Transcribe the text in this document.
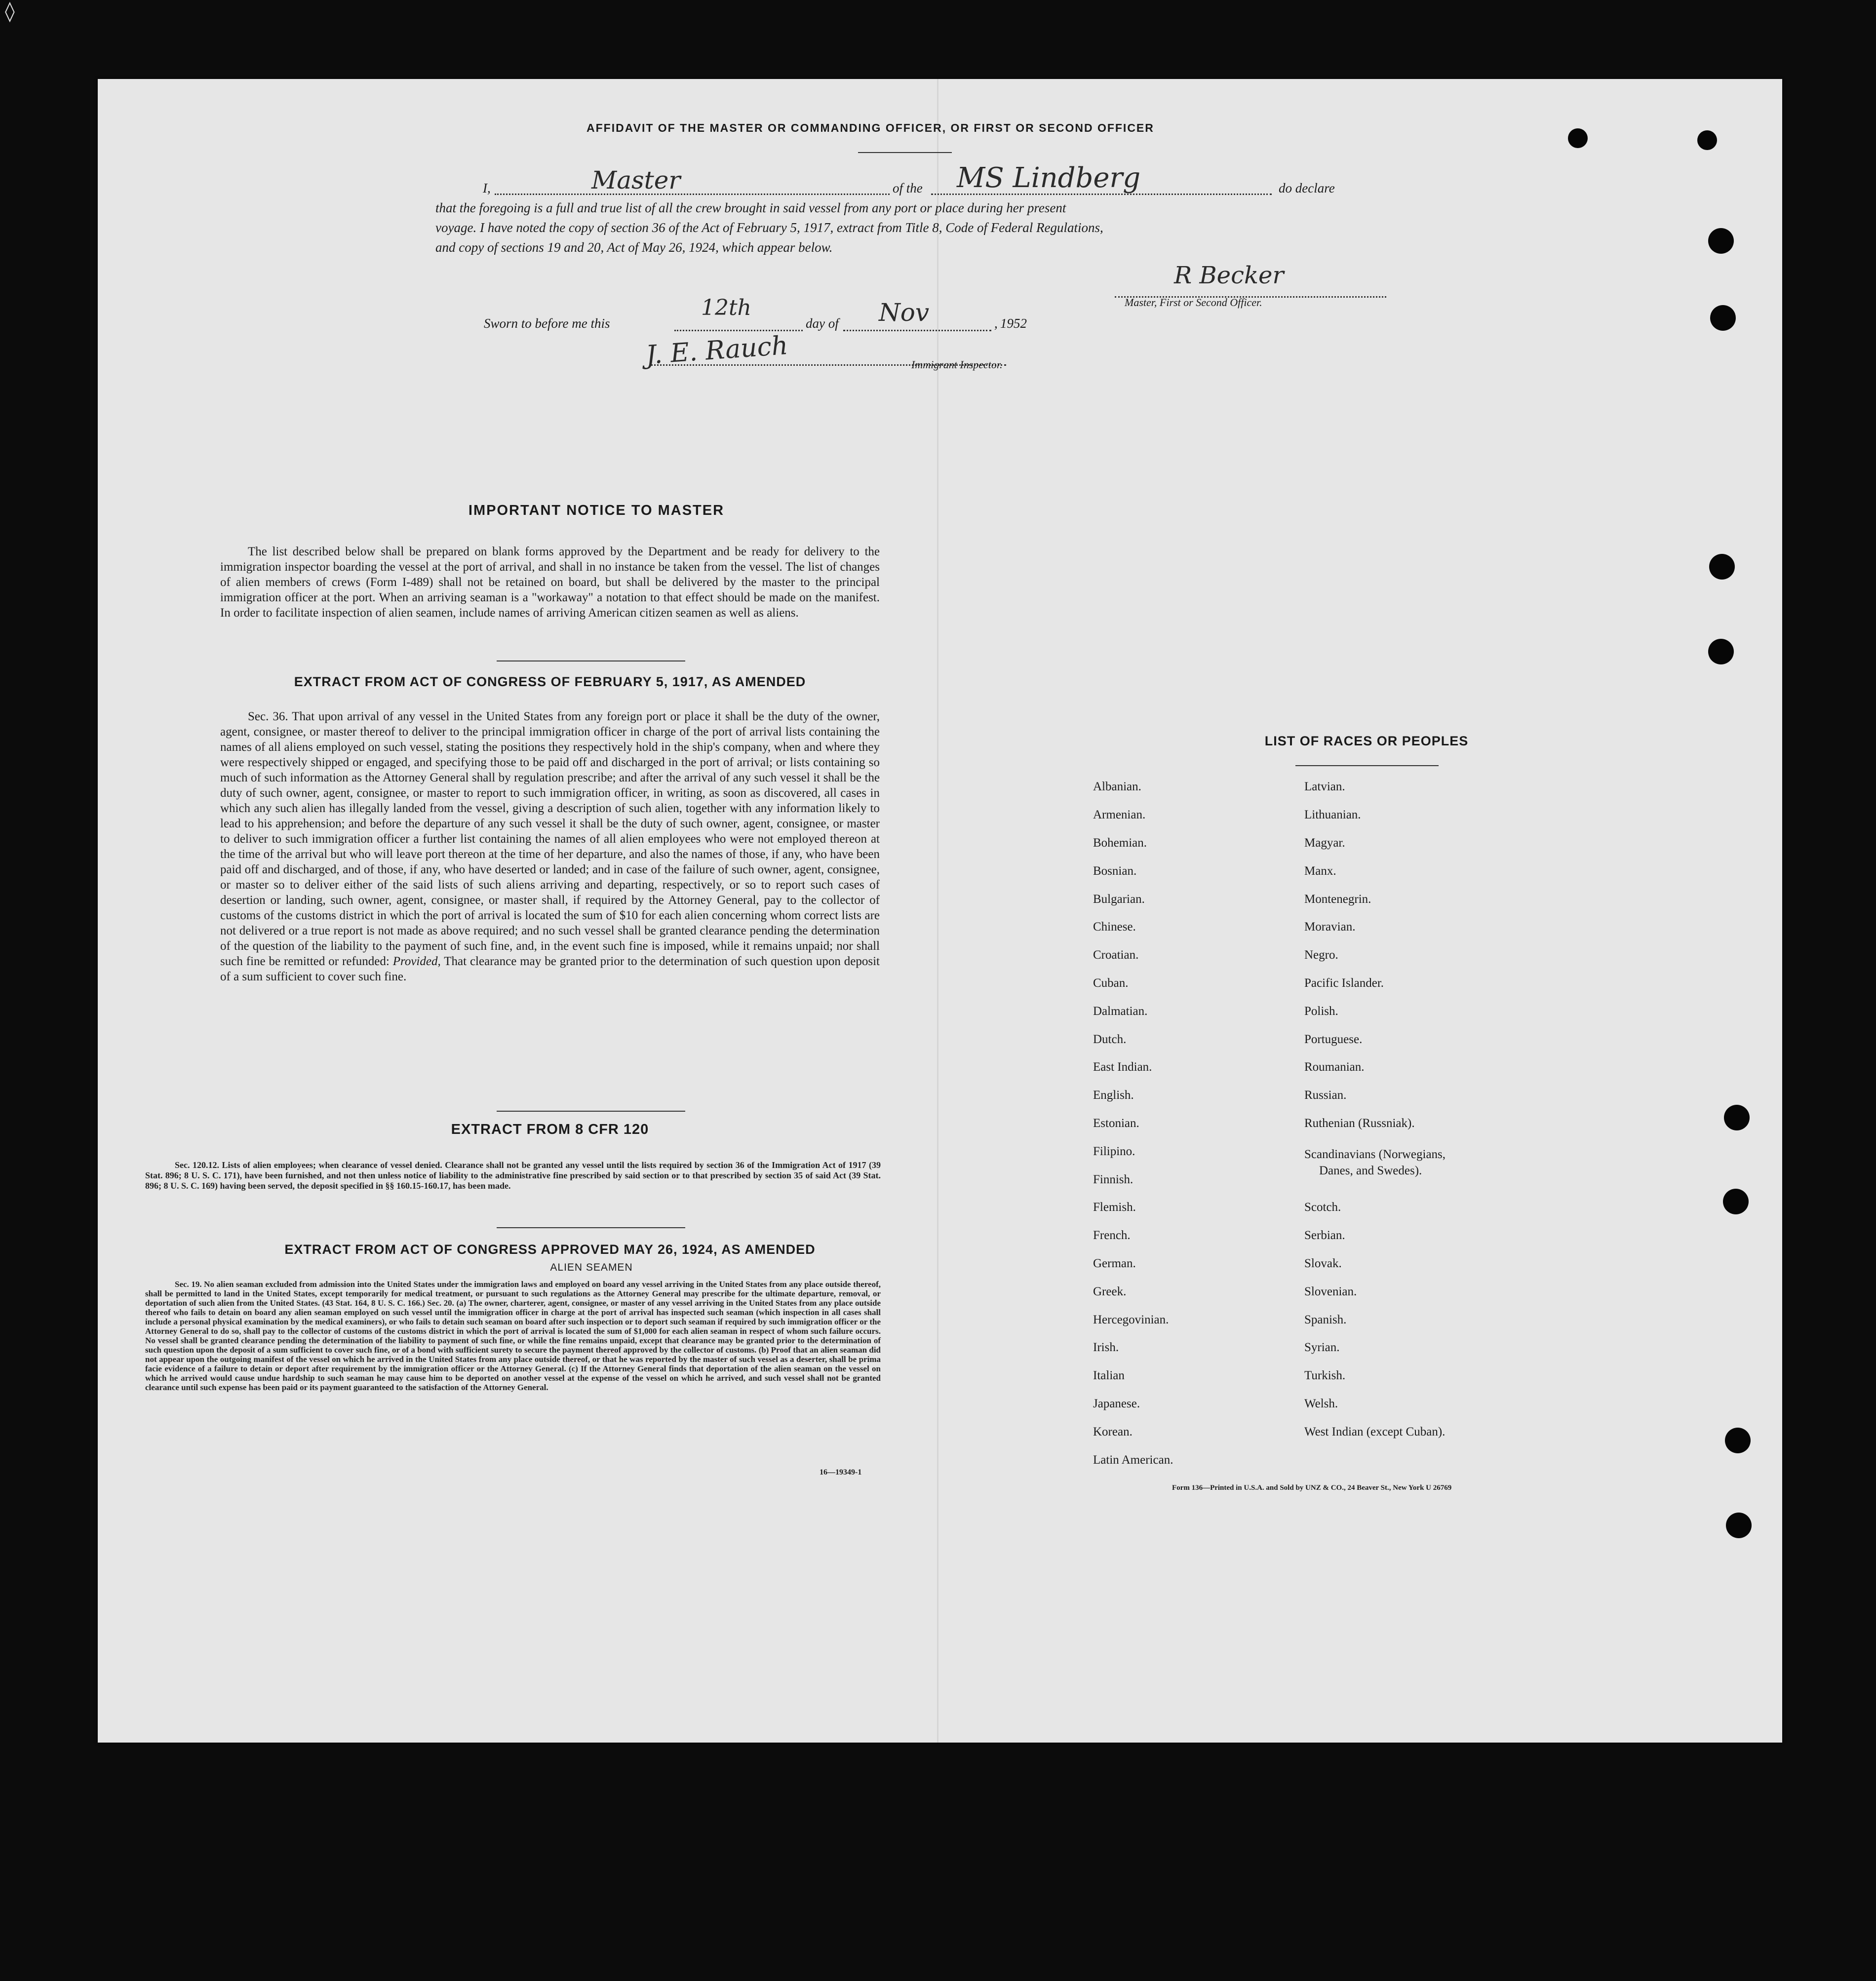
◊
AFFIDAVIT OF THE MASTER OR COMMANDING OFFICER, OR FIRST OR SECOND OFFICER
I,	Master	of the MS Lindberg	do declare
that the foregoing is a full and true list of all the crew brought in said vessel from any port or place during her present
voyage. I have noted the copy of section 36 of the Act of February 5, 1917, extract from Title 8, Code of Federal Regulations,
and copy of sections 19 and 20, Act of May 26, 1924, which appear below.
R Becker
Master, First or Second Officer.
Sworn to before me this
12th
day of Nov	, 1952
J. E. Rauch	Immigrant Inspector.
IMPORTANT NOTICE TO MASTER
The list described below shall be prepared on blank forms approved by the Department and be ready for delivery to the immigration inspector boarding the vessel at the port of arrival, and shall in no instance be taken from the vessel. The list of changes of alien members of crews (Form I-489) shall not be retained on board, but shall be delivered by the master to the principal immigration officer at the port. When an arriving seaman is a "workaway" a notation to that effect should be made on the manifest. In order to facilitate inspection of alien seamen, include names of arriving American citizen seamen as well as aliens.
EXTRACT FROM ACT OF CONGRESS OF FEBRUARY 5, 1917, AS AMENDED
Sec. 36. That upon arrival of any vessel in the United States from any foreign port or place it shall be the duty of the owner, agent, consignee, or master thereof to deliver to the principal immigration officer in charge of the port of arrival lists containing the names of all aliens employed on such vessel, stating the positions they respectively hold in the ship's company, when and where they were respectively shipped or engaged, and specifying those to be paid off and discharged in the port of arrival; or lists containing so much of such information as the Attorney General shall by regulation prescribe; and after the arrival of any such vessel it shall be the duty of such owner, agent, consignee, or master to report to such immigration officer, in writing, as soon as discovered, all cases in which any such alien has illegally landed from the vessel, giving a description of such alien, together with any information likely to lead to his apprehension; and before the departure of any such vessel it shall be the duty of such owner, agent, consignee, or master to deliver to such immigration officer a further list containing the names of all alien employees who were not employed thereon at the time of the arrival but who will leave port thereon at the time of her departure, and also the names of those, if any, who have been paid off and discharged, and of those, if any, who have deserted or landed; and in case of the failure of such owner, agent, consignee, or master so to deliver either of the said lists of such aliens arriving and departing, respectively, or so to report such cases of desertion or landing, such owner, agent, consignee, or master shall, if required by the Attorney General, pay to the collector of customs of the customs district in which the port of arrival is located the sum of $10 for each alien concerning whom correct lists are not delivered or a true report is not made as above required; and no such vessel shall be granted clearance pending the determination of the question of the liability to the payment of such fine, and, in the event such fine is imposed, while it remains unpaid; nor shall such fine be remitted or refunded: Provided, That clearance may be granted prior to the determination of such question upon deposit of a sum sufficient to cover such fine.
EXTRACT FROM 8 CFR 120
Sec. 120.12. Lists of alien employees; when clearance of vessel denied. Clearance shall not be granted any vessel until the lists required by section 36 of the Immigration Act of 1917 (39 Stat. 896; 8 U. S. C. 171), have been furnished, and not then unless notice of liability to the administrative fine prescribed by said section or to that prescribed by section 35 of said Act (39 Stat. 896; 8 U. S. C. 169) having been served, the deposit specified in §§ 160.15-160.17, has been made.
EXTRACT FROM ACT OF CONGRESS APPROVED MAY 26, 1924, AS AMENDED
ALIEN SEAMEN
Sec. 19. No alien seaman excluded from admission into the United States under the immigration laws and employed on board any vessel arriving in the United States from any place outside thereof, shall be permitted to land in the United States, except temporarily for medical treatment, or pursuant to such regulations as the Attorney General may prescribe for the ultimate departure, removal, or deportation of such alien from the United States. (43 Stat. 164, 8 U. S. C. 166.) Sec. 20. (a) The owner, charterer, agent, consignee, or master of any vessel arriving in the United States from any place outside thereof who fails to detain on board any alien seaman employed on such vessel until the immigration officer in charge at the port of arrival has inspected such seaman (which inspection in all cases shall include a personal physical examination by the medical examiners), or who fails to detain such seaman on board after such inspection or to deport such seaman if required by such immigration officer or the Attorney General to do so, shall pay to the collector of customs of the customs district in which the port of arrival is located the sum of $1,000 for each alien seaman in respect of whom such failure occurs. No vessel shall be granted clearance pending the determination of the liability to payment of such fine, or while the fine remains unpaid, except that clearance may be granted prior to the determination of such question upon the deposit of a sum sufficient to cover such fine, or of a bond with sufficient surety to secure the payment thereof approved by the collector of customs. (b) Proof that an alien seaman did not appear upon the outgoing manifest of the vessel on which he arrived in the United States from any place outside thereof, or that he was reported by the master of such vessel as a deserter, shall be prima facie evidence of a failure to detain or deport after requirement by the immigration officer or the Attorney General. (c) If the Attorney General finds that deportation of the alien seaman on the vessel on which he arrived would cause undue hardship to such seaman he may cause him to be deported on another vessel at the expense of the vessel on which he arrived, and such vessel shall not be granted clearance until such expense has been paid or its payment guaranteed to the satisfaction of the Attorney General.
16—19349-1
LIST OF RACES OR PEOPLES
Albanian.
Armenian.
Bohemian.
Bosnian.
Bulgarian.
Chinese.
Croatian.
Cuban.
Dalmatian.
Dutch.
East Indian.
English.
Estonian.
Filipino.
Finnish.
Flemish.
French.
German.
Greek.
Hercegovinian.
Irish.
Italian
Japanese.
Korean.
Latin American.
Latvian.
Lithuanian.
Magyar.
Manx.
Montenegrin.
Moravian.
Negro.
Pacific Islander.
Polish.
Portuguese.
Roumanian.
Russian.
Ruthenian (Russniak).
Scandinavians (Norwegians,
Danes, and Swedes).
Scotch.
Serbian.
Slovak.
Slovenian.
Spanish.
Syrian.
Turkish.
Welsh.
West Indian (except Cuban).
Form 136—Printed in U.S.A. and Sold by UNZ & CO., 24 Beaver St., New York U 26769
